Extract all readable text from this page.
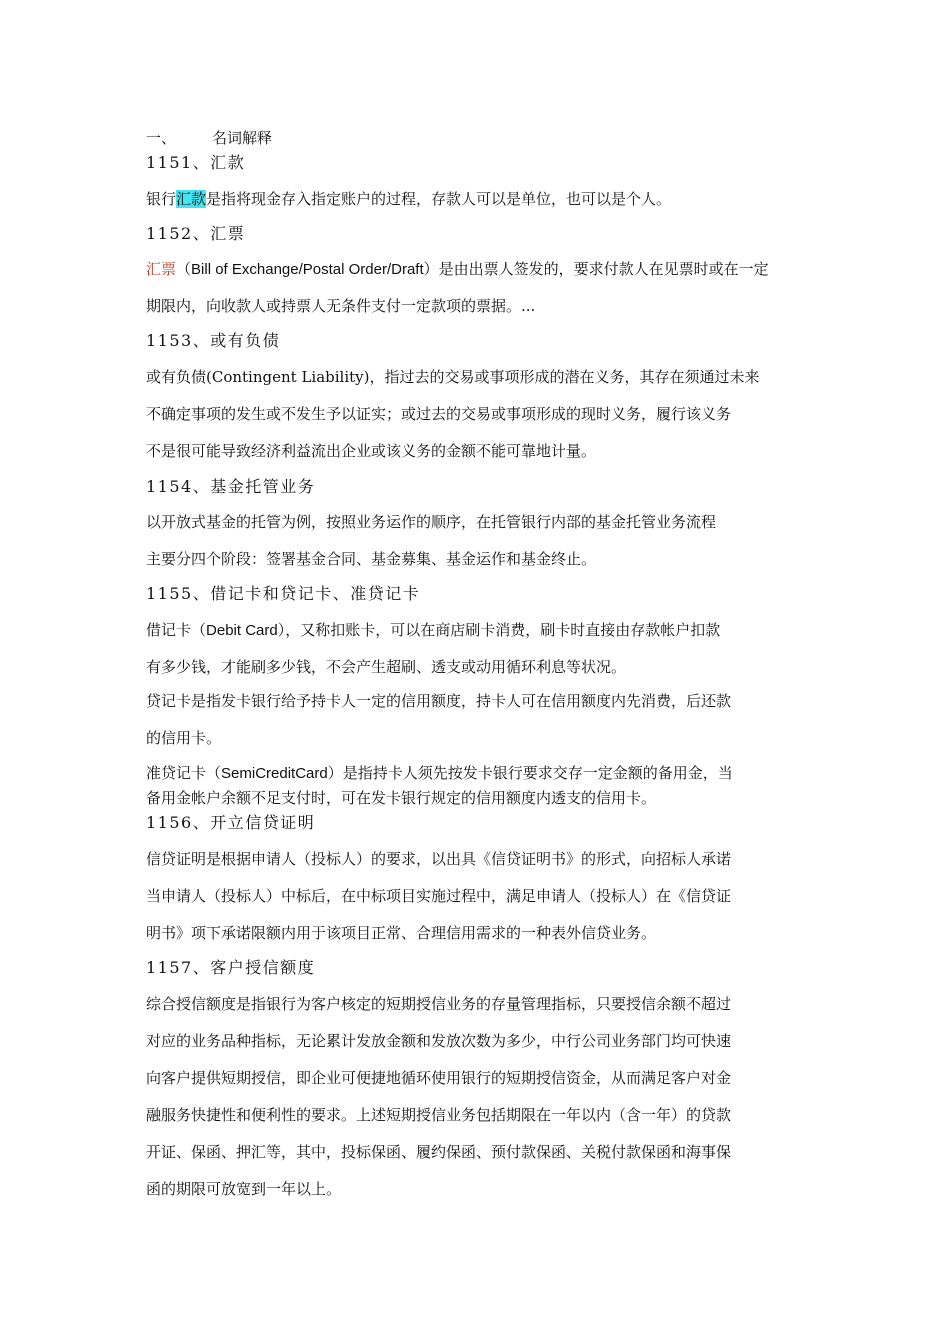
一、 名词解释
1151、汇款
银行汇款是指将现金存入指定账户的过程，存款人可以是单位，也可以是个人。
1152、汇票
汇票（Bill of Exchange/Postal Order/Draft）是由出票人签发的，要求付款人在见票时或在一定
期限内，向收款人或持票人无条件支付一定款项的票据。...
1153、或有负债
或有负债(Contingent Liability)，指过去的交易或事项形成的潜在义务，其存在须通过未来
不确定事项的发生或不发生予以证实；或过去的交易或事项形成的现时义务，履行该义务
不是很可能导致经济利益流出企业或该义务的金额不能可靠地计量。
1154、基金托管业务
以开放式基金的托管为例，按照业务运作的顺序，在托管银行内部的基金托管业务流程
主要分四个阶段：签署基金合同、基金募集、基金运作和基金终止。
1155、借记卡和贷记卡、准贷记卡
借记卡（Debit Card），又称扣账卡，可以在商店刷卡消费，刷卡时直接由存款帐户扣款
有多少钱，才能刷多少钱，不会产生超刷、透支或动用循环利息等状况。
贷记卡是指发卡银行给予持卡人一定的信用额度，持卡人可在信用额度内先消费，后还款
的信用卡。
准贷记卡（SemiCreditCard）是指持卡人须先按发卡银行要求交存一定金额的备用金，当
备用金帐户余额不足支付时，可在发卡银行规定的信用额度内透支的信用卡。
1156、开立信贷证明
信贷证明是根据申请人（投标人）的要求，以出具《信贷证明书》的形式，向招标人承诺
当申请人（投标人）中标后，在中标项目实施过程中，满足申请人（投标人）在《信贷证
明书》项下承诺限额内用于该项目正常、合理信用需求的一种表外信贷业务。
1157、客户授信额度
综合授信额度是指银行为客户核定的短期授信业务的存量管理指标，只要授信余额不超过
对应的业务品种指标，无论累计发放金额和发放次数为多少，中行公司业务部门均可快速
向客户提供短期授信，即企业可便捷地循环使用银行的短期授信资金，从而满足客户对金
融服务快捷性和便利性的要求。上述短期授信业务包括期限在一年以内（含一年）的贷款
开证、保函、押汇等，其中，投标保函、履约保函、预付款保函、关税付款保函和海事保
函的期限可放宽到一年以上。
